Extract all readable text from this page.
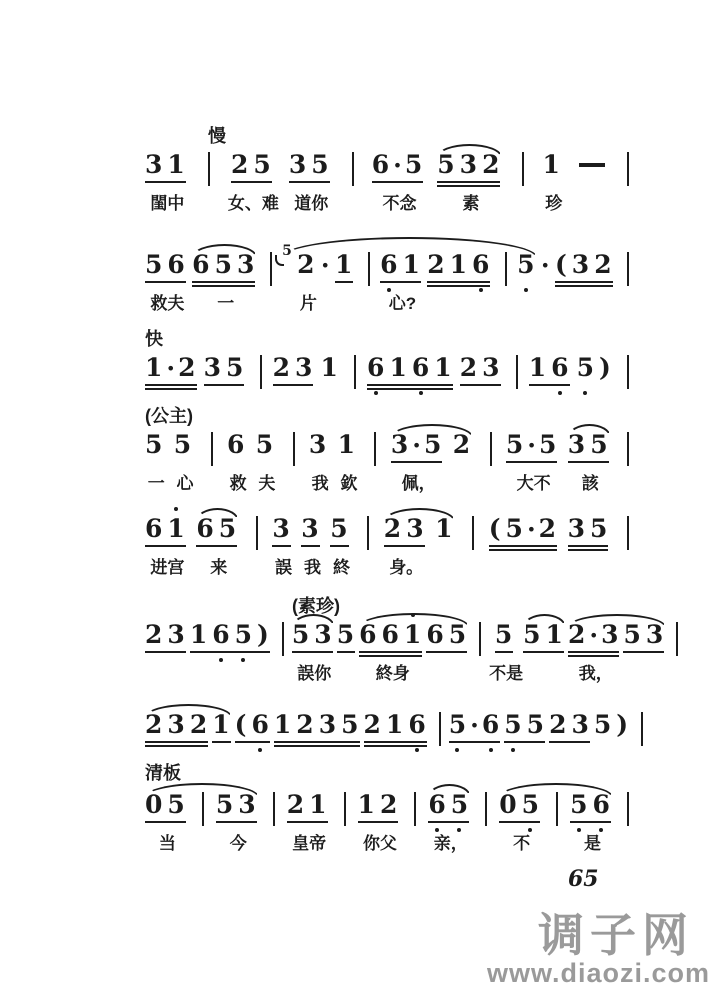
3 1
閨中
2 5
女、难
3 5
道你
6 · 5
不念
5 3 2
素
1
珍
慢
5 6
救夫
6 5 3
一
5 2
片
· 1 6 1
心?
2 1 6 5 · ( 3 2
1 · 2 3 5 2 3 1 6 1 6 1 2 3 1 6 5 )
快
5
一
5
心
6
救
5
夫
3
我
1
欽
3 · 5
佩，
2 5 · 5
大不
3 5
該
(公主)
6 1
进宫
6 5
来
3
誤
3
我
5
終
2 3
身。
1 ( 5 · 2 3 5
2 3 1 6 5 ) 5 3
誤你
5 6 6 1
終身
6 5 5
不是
5 1 2 · 3
我，
5 3
(素珍)
2 3 2 1 ( 6 1 2 3 5 2 1 6 5 · 6 5 5 2 3 5 )
清板
0 5
当
5 3
今
2 1
皇帝
1 2
你父
6 5
亲，
0 5
不
5 6
是
65
调子网
www.diaozi.com
